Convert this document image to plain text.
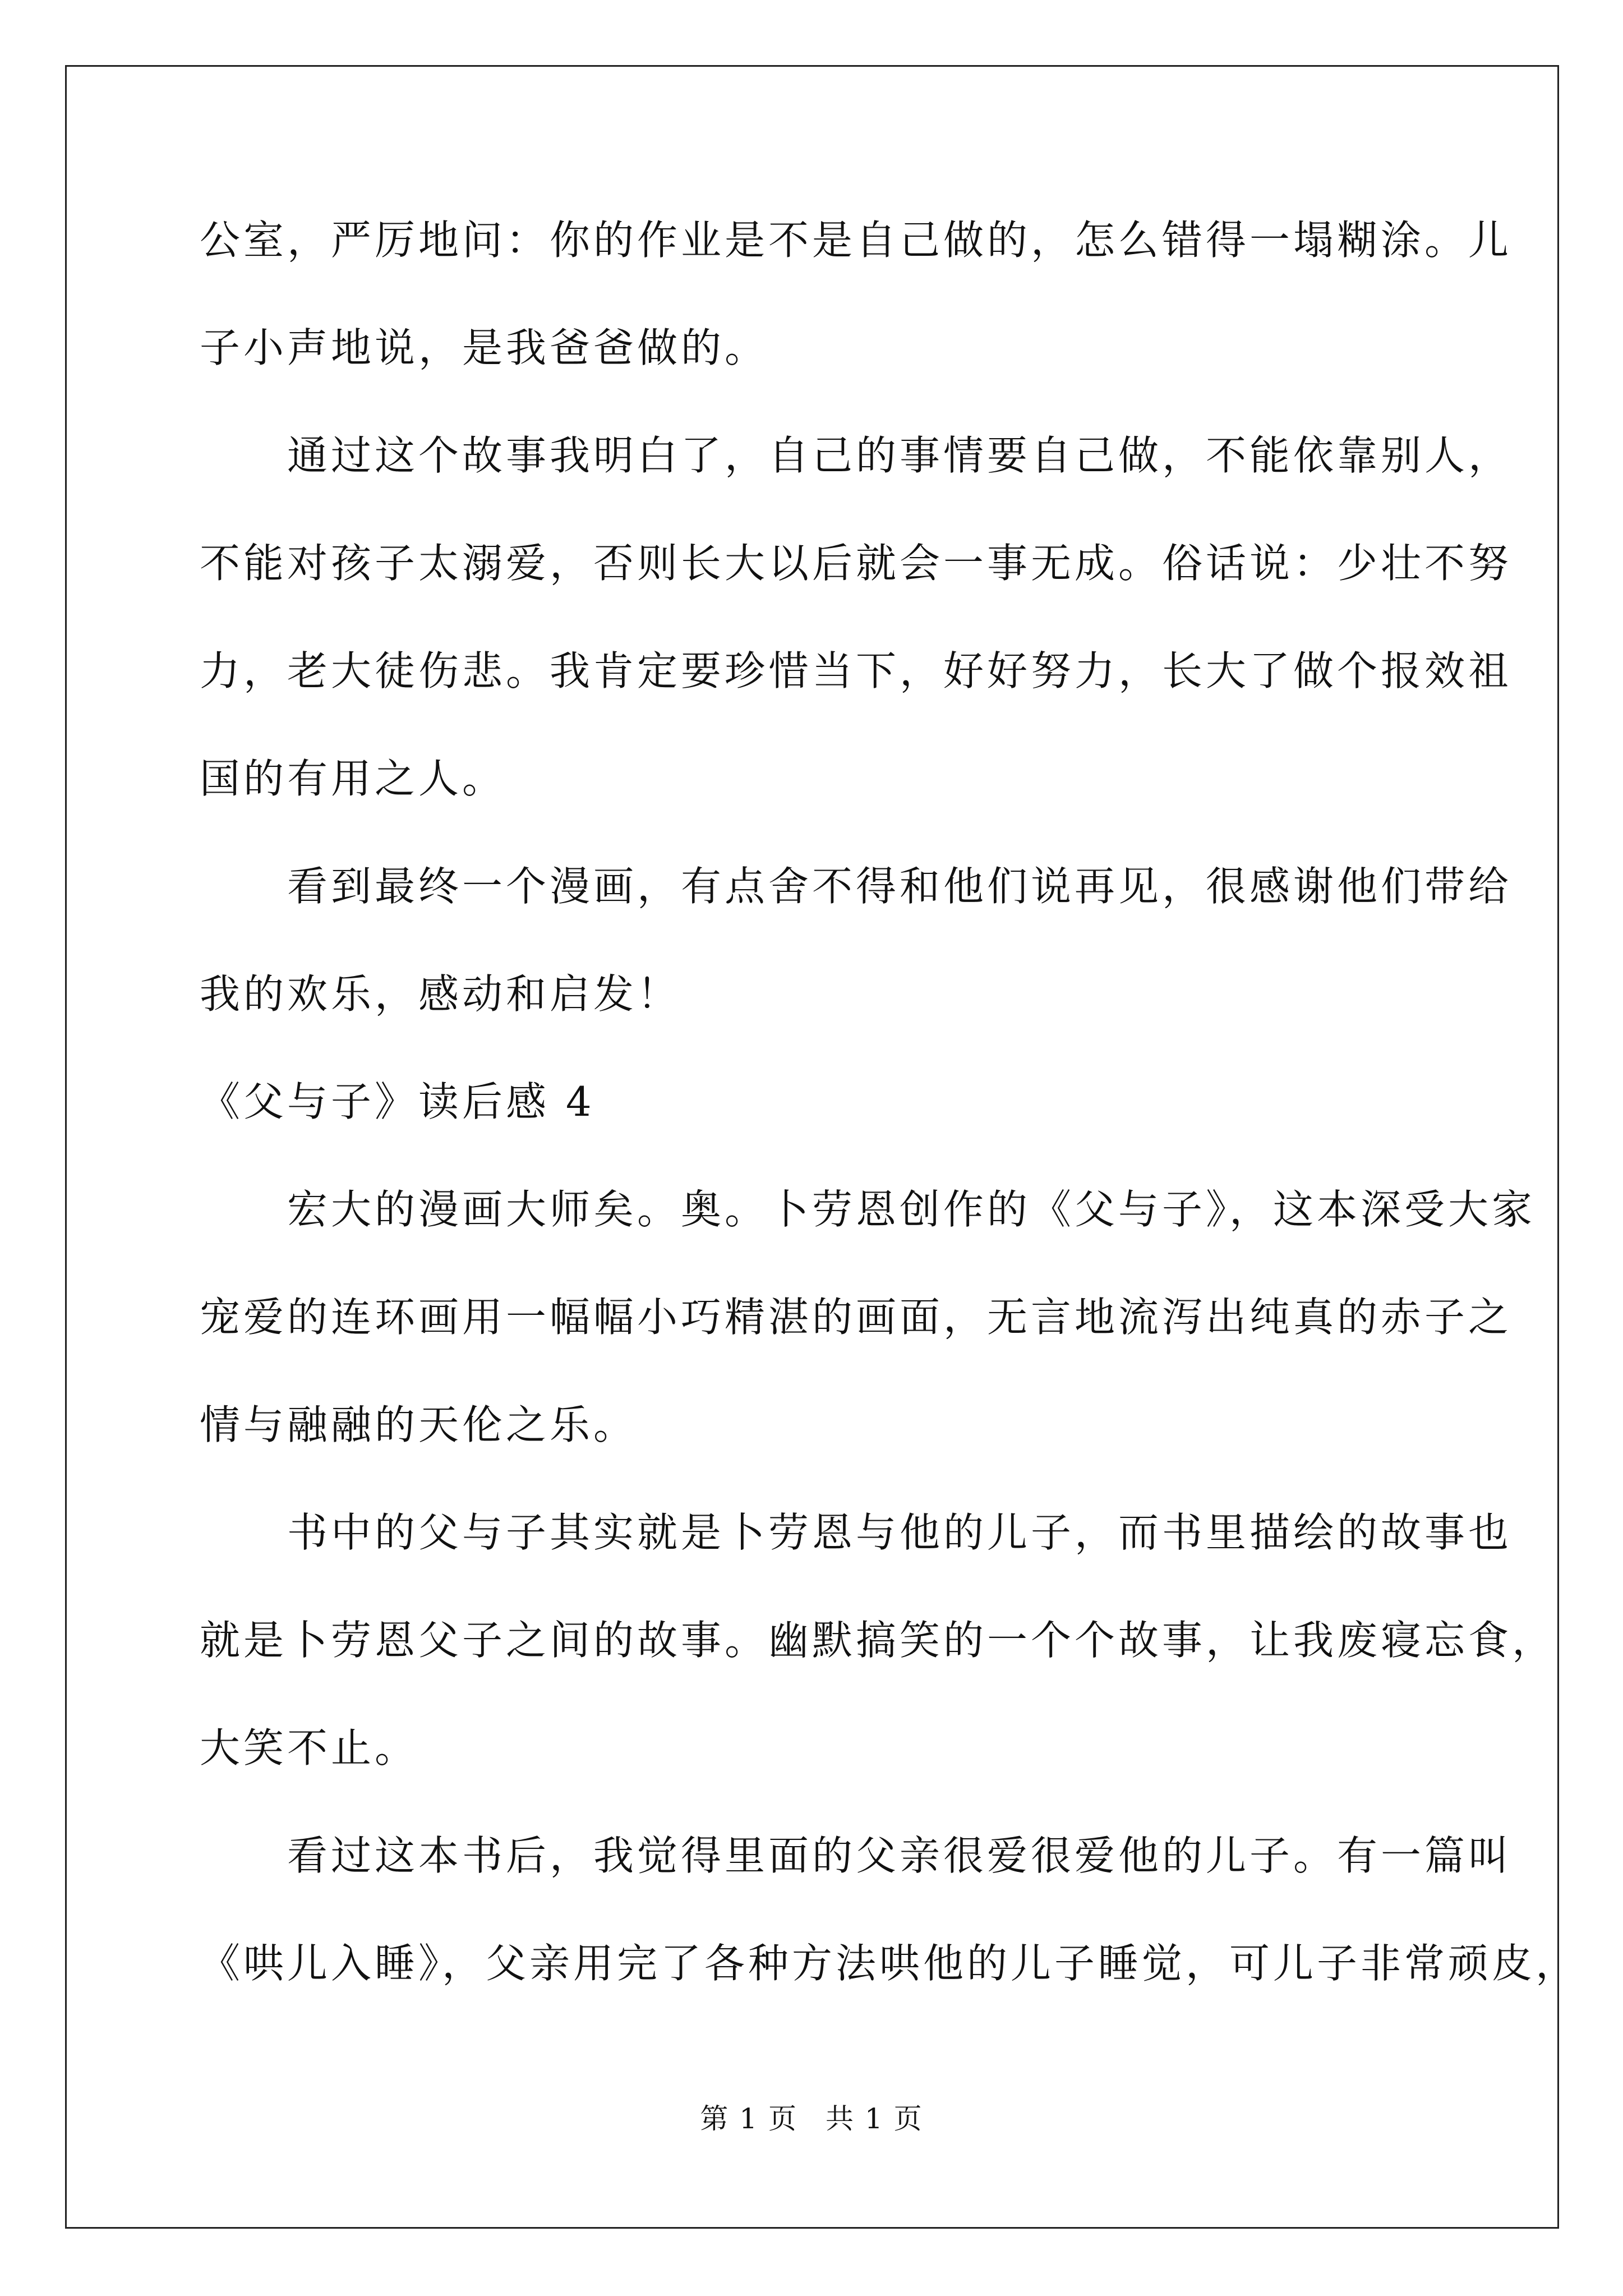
公室，严厉地问：你的作业是不是自己做的，怎么错得一塌糊涂。儿
子小声地说，是我爸爸做的。
　　通过这个故事我明白了，自己的事情要自己做，不能依靠别人，
不能对孩子太溺爱，否则长大以后就会一事无成。俗话说：少壮不努
力，老大徒伤悲。我肯定要珍惜当下，好好努力，长大了做个报效祖
国的有用之人。
　　看到最终一个漫画，有点舍不得和他们说再见，很感谢他们带给
我的欢乐，感动和启发！
《父与子》读后感 4
　　宏大的漫画大师矣。奥。卜劳恩创作的《父与子》，这本深受大家
宠爱的连环画用一幅幅小巧精湛的画面，无言地流泻出纯真的赤子之
情与融融的天伦之乐。
　　书中的父与子其实就是卜劳恩与他的儿子，而书里描绘的故事也
就是卜劳恩父子之间的故事。幽默搞笑的一个个故事，让我废寝忘食，
大笑不止。
　　看过这本书后，我觉得里面的父亲很爱很爱他的儿子。有一篇叫
《哄儿入睡》，父亲用完了各种方法哄他的儿子睡觉，可儿子非常顽皮，
第 1 页 共 1 页
